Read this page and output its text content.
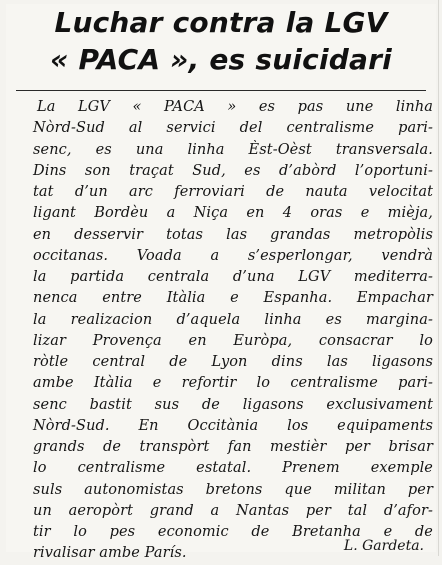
Luchar contra la LGV
« PACA », es suicidari
La LGV « PACA » es pas une linha
Nòrd-Sud al servici del centralisme pari-
senc, es una linha Èst-Oèst transversala.
Dins son traçat Sud, es d’abòrd l’oportuni-
tat d’un arc ferroviari de nauta velocitat
ligant Bordèu a Niça en 4 oras e mièja,
en desservir totas las grandas metropòlis
occitanas. Voada a s’esperlongar, vendrà
la partida centrala d’una LGV mediterra-
nenca entre Itàlia e Espanha. Empachar
la realizacion d’aquela linha es margina-
lizar Provença en Euròpa, consacrar lo
ròtle central de Lyon dins las ligasons
ambe Itàlia e refortir lo centralisme pari-
senc bastit sus de ligasons exclusivament
Nòrd-Sud. En Occitània los equipaments
grands de transpòrt fan mestièr per brisar
lo centralisme estatal. Prenem exemple
suls autonomistas bretons que militan per
un aeropòrt grand a Nantas per tal d’afor-
tir lo pes economic de Bretanha e de
rivalisar ambe París.	L. Gardeta.
